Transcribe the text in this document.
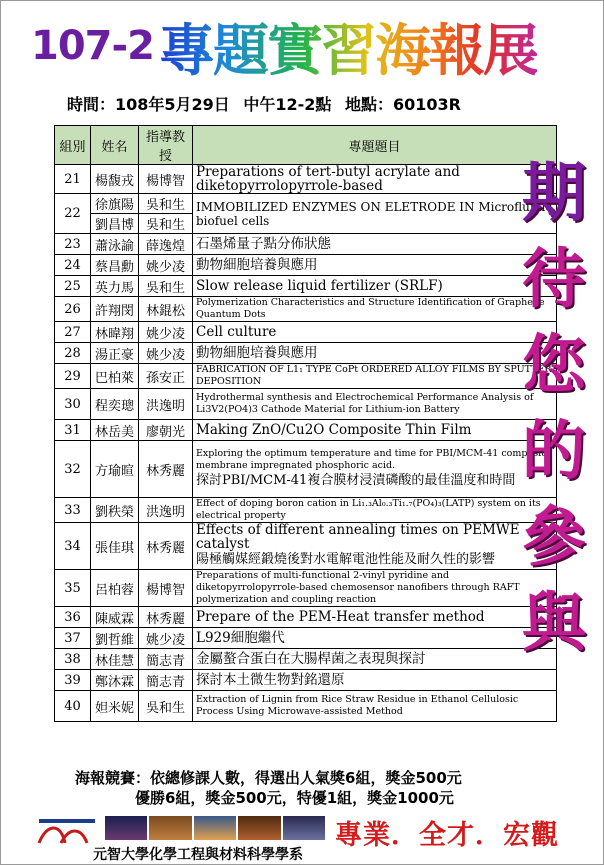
107-2 專題實習海報展
時間：108年5月29日 中午12-2點 地點：60103R
組別	姓名	指導教授	專題題目
21	楊馥戎	楊博智	Preparations of tert-butyl acrylate and diketopyrrolopyrrole-based

22	徐旗陽	吳和生	IMMOBILIZED ENZYMES ON ELETRODE IN Microfluidic biofuel cells
	劉昌博	吳和生	
23	蕭泳諭	薛逸煌	石墨烯量子點分佈狀態

24	蔡昌勳	姚少凌	動物細胞培養與應用

25	英力馬	吳和生	Slow release liquid fertilizer (SRLF)

26	許翔閔	林錕松	Polymerization Characteristics and Structure Identification of Graphene Quantum Dots

27	林暐翔	姚少凌	Cell culture

28	湯正豪	姚少凌	動物細胞培養與應用

29	巴柏萊	孫安正	FABRICATION OF L1₁ TYPE CoPt ORDERED ALLOY FILMS BY SPUTTER DEPOSITION

30	程奕璁	洪逸明	Hydrothermal synthesis and Electrochemical Performance Analysis of Li3V2(PO4)3 Cathode Material for Lithium-ion Battery

31	林岳美	廖朝光	Making ZnO/Cu2O Composite Thin Film

32	方瑜暄	林秀麗	Exploring the optimum temperature and time for PBI/MCM-41 composite membrane impregnated phosphoric acid.
探討PBI/MCM-41複合膜材浸漬磷酸的最佳溫度和時間

33	劉秩榮	洪逸明	Effect of doping boron cation in Li₁.₃Al₀.₃Ti₁.₇(PO₄)₃(LATP) system on its electrical property

34	張佳琪	林秀麗	Effects of different annealing times on PEMWE catalyst
陽極觸媒經鍛燒後對水電解電池性能及耐久性的影響

35	呂柏蓉	楊博智	Preparations of multi-functional 2-vinyl pyridine and diketopyrrolopyrrole-based chemosensor nanofibers through RAFT polymerization and coupling reaction

36	陳威霖	林秀麗	Prepare of the PEM-Heat transfer method

37	劉哲維	姚少凌	L929細胞繼代

38	林佳慧	簡志青	金屬螯合蛋白在大腸桿菌之表現與探討

39	鄭沐霖	簡志青	探討本土微生物對銘還原

40	妲米妮	吳和生	Extraction of Lignin from Rice Straw Residue in Ethanol Cellulosic Process Using Microwave-assisted Method
期
待
您
的
參
與
海報競賽：依總修課人數，得選出人氣獎6組，獎金500元
優勝6組，獎金500元，特優1組，獎金1000元
元智大學化學工程與材料科學學系
專業．全才．宏觀
